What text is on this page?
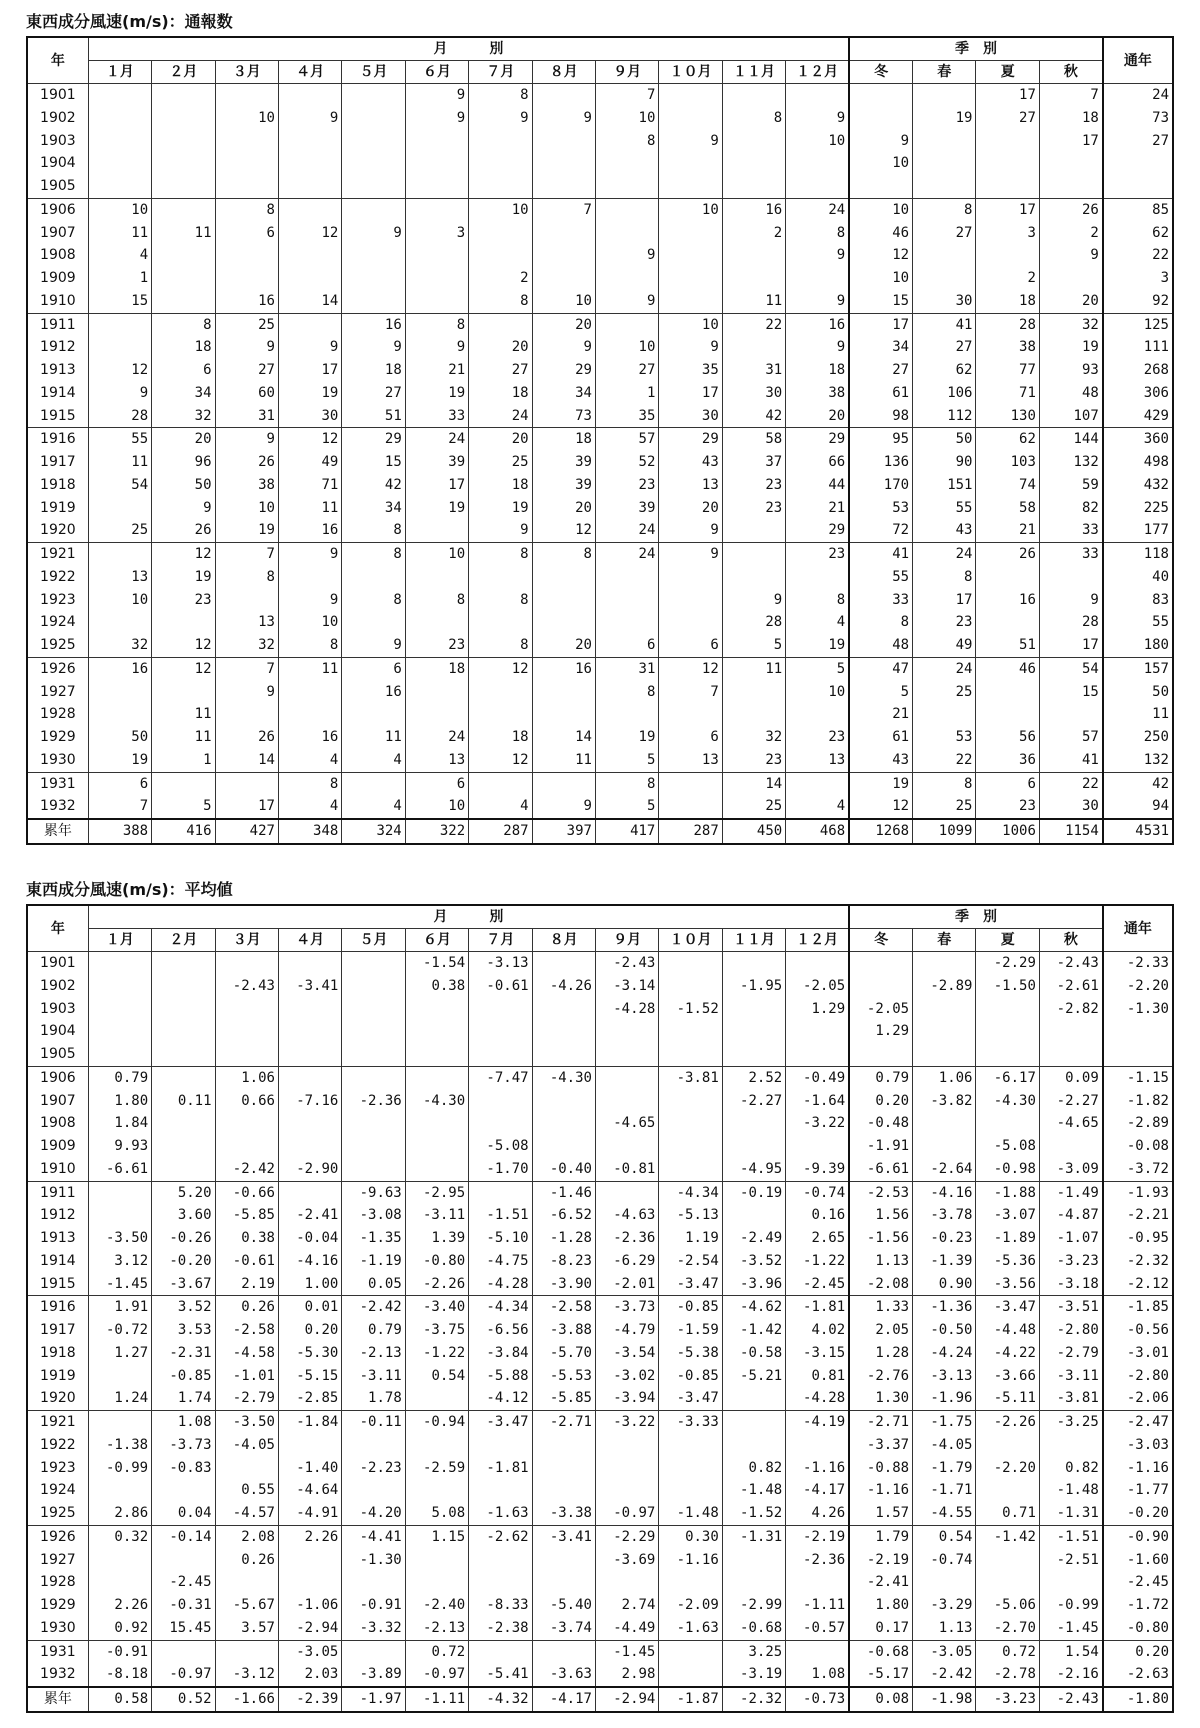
東西成分風速(m/s)：通報数
年	月　　　別												季　別				通年
	１月	２月	３月	４月	５月	６月	７月	８月	９月	１０月	１１月	１２月	冬	春	夏	秋	
1901						9	8		7						17	7	24
1902			10	9		9	9	9	10		8	9		19	27	18	73
1903									8	9		10	9			17	27
1904													10				
1905																	
1906	10		8				10	7		10	16	24	10	8	17	26	85
1907	11	11	6	12	9	3					2	8	46	27	3	2	62
1908	4								9			9	12			9	22
1909	1						2						10		2		3
1910	15		16	14			8	10	9		11	9	15	30	18	20	92
1911		8	25		16	8		20		10	22	16	17	41	28	32	125
1912		18	9	9	9	9	20	9	10	9		9	34	27	38	19	111
1913	12	6	27	17	18	21	27	29	27	35	31	18	27	62	77	93	268
1914	9	34	60	19	27	19	18	34	1	17	30	38	61	106	71	48	306
1915	28	32	31	30	51	33	24	73	35	30	42	20	98	112	130	107	429
1916	55	20	9	12	29	24	20	18	57	29	58	29	95	50	62	144	360
1917	11	96	26	49	15	39	25	39	52	43	37	66	136	90	103	132	498
1918	54	50	38	71	42	17	18	39	23	13	23	44	170	151	74	59	432
1919		9	10	11	34	19	19	20	39	20	23	21	53	55	58	82	225
1920	25	26	19	16	8		9	12	24	9		29	72	43	21	33	177
1921		12	7	9	8	10	8	8	24	9		23	41	24	26	33	118
1922	13	19	8										55	8			40
1923	10	23		9	8	8	8				9	8	33	17	16	9	83
1924			13	10							28	4	8	23		28	55
1925	32	12	32	8	9	23	8	20	6	6	5	19	48	49	51	17	180
1926	16	12	7	11	6	18	12	16	31	12	11	5	47	24	46	54	157
1927			9		16				8	7		10	5	25		15	50
1928		11											21				11
1929	50	11	26	16	11	24	18	14	19	6	32	23	61	53	56	57	250
1930	19	1	14	4	4	13	12	11	5	13	23	13	43	22	36	41	132
1931	6			8		6			8		14		19	8	6	22	42
1932	7	5	17	4	4	10	4	9	5		25	4	12	25	23	30	94
累年	388	416	427	348	324	322	287	397	417	287	450	468	1268	1099	1006	1154	4531
東西成分風速(m/s)：平均値
年	月　　　別												季　別				通年
	１月	２月	３月	４月	５月	６月	７月	８月	９月	１０月	１１月	１２月	冬	春	夏	秋	
1901						-1.54	-3.13		-2.43						-2.29	-2.43	-2.33
1902			-2.43	-3.41		0.38	-0.61	-4.26	-3.14		-1.95	-2.05		-2.89	-1.50	-2.61	-2.20
1903									-4.28	-1.52		1.29	-2.05			-2.82	-1.30
1904													1.29				
1905																	
1906	0.79		1.06				-7.47	-4.30		-3.81	2.52	-0.49	0.79	1.06	-6.17	0.09	-1.15
1907	1.80	0.11	0.66	-7.16	-2.36	-4.30					-2.27	-1.64	0.20	-3.82	-4.30	-2.27	-1.82
1908	1.84								-4.65			-3.22	-0.48			-4.65	-2.89
1909	9.93						-5.08						-1.91		-5.08		-0.08
1910	-6.61		-2.42	-2.90			-1.70	-0.40	-0.81		-4.95	-9.39	-6.61	-2.64	-0.98	-3.09	-3.72
1911		5.20	-0.66		-9.63	-2.95		-1.46		-4.34	-0.19	-0.74	-2.53	-4.16	-1.88	-1.49	-1.93
1912		3.60	-5.85	-2.41	-3.08	-3.11	-1.51	-6.52	-4.63	-5.13		0.16	1.56	-3.78	-3.07	-4.87	-2.21
1913	-3.50	-0.26	0.38	-0.04	-1.35	1.39	-5.10	-1.28	-2.36	1.19	-2.49	2.65	-1.56	-0.23	-1.89	-1.07	-0.95
1914	3.12	-0.20	-0.61	-4.16	-1.19	-0.80	-4.75	-8.23	-6.29	-2.54	-3.52	-1.22	1.13	-1.39	-5.36	-3.23	-2.32
1915	-1.45	-3.67	2.19	1.00	0.05	-2.26	-4.28	-3.90	-2.01	-3.47	-3.96	-2.45	-2.08	0.90	-3.56	-3.18	-2.12
1916	1.91	3.52	0.26	0.01	-2.42	-3.40	-4.34	-2.58	-3.73	-0.85	-4.62	-1.81	1.33	-1.36	-3.47	-3.51	-1.85
1917	-0.72	3.53	-2.58	0.20	0.79	-3.75	-6.56	-3.88	-4.79	-1.59	-1.42	4.02	2.05	-0.50	-4.48	-2.80	-0.56
1918	1.27	-2.31	-4.58	-5.30	-2.13	-1.22	-3.84	-5.70	-3.54	-5.38	-0.58	-3.15	1.28	-4.24	-4.22	-2.79	-3.01
1919		-0.85	-1.01	-5.15	-3.11	0.54	-5.88	-5.53	-3.02	-0.85	-5.21	0.81	-2.76	-3.13	-3.66	-3.11	-2.80
1920	1.24	1.74	-2.79	-2.85	1.78		-4.12	-5.85	-3.94	-3.47		-4.28	1.30	-1.96	-5.11	-3.81	-2.06
1921		1.08	-3.50	-1.84	-0.11	-0.94	-3.47	-2.71	-3.22	-3.33		-4.19	-2.71	-1.75	-2.26	-3.25	-2.47
1922	-1.38	-3.73	-4.05										-3.37	-4.05			-3.03
1923	-0.99	-0.83		-1.40	-2.23	-2.59	-1.81				0.82	-1.16	-0.88	-1.79	-2.20	0.82	-1.16
1924			0.55	-4.64							-1.48	-4.17	-1.16	-1.71		-1.48	-1.77
1925	2.86	0.04	-4.57	-4.91	-4.20	5.08	-1.63	-3.38	-0.97	-1.48	-1.52	4.26	1.57	-4.55	0.71	-1.31	-0.20
1926	0.32	-0.14	2.08	2.26	-4.41	1.15	-2.62	-3.41	-2.29	0.30	-1.31	-2.19	1.79	0.54	-1.42	-1.51	-0.90
1927			0.26		-1.30				-3.69	-1.16		-2.36	-2.19	-0.74		-2.51	-1.60
1928		-2.45											-2.41				-2.45
1929	2.26	-0.31	-5.67	-1.06	-0.91	-2.40	-8.33	-5.40	2.74	-2.09	-2.99	-1.11	1.80	-3.29	-5.06	-0.99	-1.72
1930	0.92	15.45	3.57	-2.94	-3.32	-2.13	-2.38	-3.74	-4.49	-1.63	-0.68	-0.57	0.17	1.13	-2.70	-1.45	-0.80
1931	-0.91			-3.05		0.72			-1.45		3.25		-0.68	-3.05	0.72	1.54	0.20
1932	-8.18	-0.97	-3.12	2.03	-3.89	-0.97	-5.41	-3.63	2.98		-3.19	1.08	-5.17	-2.42	-2.78	-2.16	-2.63
累年	0.58	0.52	-1.66	-2.39	-1.97	-1.11	-4.32	-4.17	-2.94	-1.87	-2.32	-0.73	0.08	-1.98	-3.23	-2.43	-1.80
